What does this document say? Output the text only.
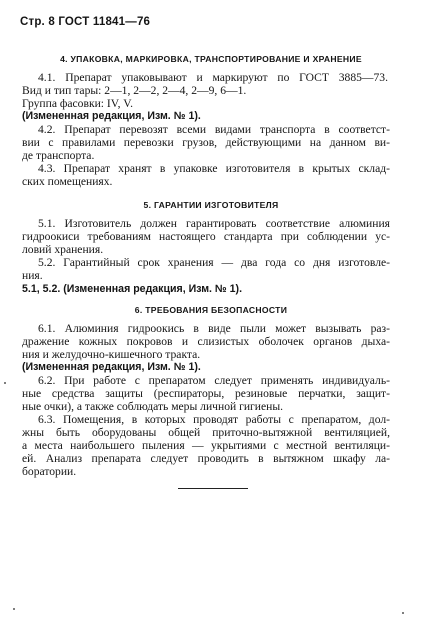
Стр. 8 ГОСТ 11841—76
4. УПАКОВКА, МАРКИРОВКА, ТРАНСПОРТИРОВАНИЕ И ХРАНЕНИЕ
4.1. Препарат упаковывают и маркируют по ГОСТ 3885—73.
Вид и тип тары: 2—1, 2—2, 2—4, 2—9, 6—1.
Группа фасовки: IV, V.
(Измененная редакция, Изм. № 1).
4.2. Препарат перевозят всеми видами транспорта в соответст-
вии с правилами перевозки грузов, действующими на данном ви-
де транспорта.
4.3. Препарат хранят в упаковке изготовителя в крытых склад-
ских помещениях.
5. ГАРАНТИИ ИЗГОТОВИТЕЛЯ
5.1. Изготовитель должен гарантировать соответствие алюминия
гидроокиси требованиям настоящего стандарта при соблюдении ус-
ловий хранения.
5.2. Гарантийный срок хранения — два года со дня изготовле-
ния.
5.1, 5.2. (Измененная редакция, Изм. № 1).
6. ТРЕБОВАНИЯ БЕЗОПАСНОСТИ
6.1. Алюминия гидроокись в виде пыли может вызывать раз-
дражение кожных покровов и слизистых оболочек органов дыха-
ния и желудочно-кишечного тракта.
(Измененная редакция, Изм. № 1).
6.2. При работе с препаратом следует применять индивидуаль-
ные средства защиты (респираторы, резиновые перчатки, защит-
ные очки), а также соблюдать меры личной гигиены.
6.3. Помещения, в которых проводят работы с препаратом, дол-
жны быть оборудованы общей приточно-вытяжной вентиляцией,
а места наибольшего пыления — укрытиями с местной вентиляци-
ей. Анализ препарата следует проводить в вытяжном шкафу ла-
боратории.
